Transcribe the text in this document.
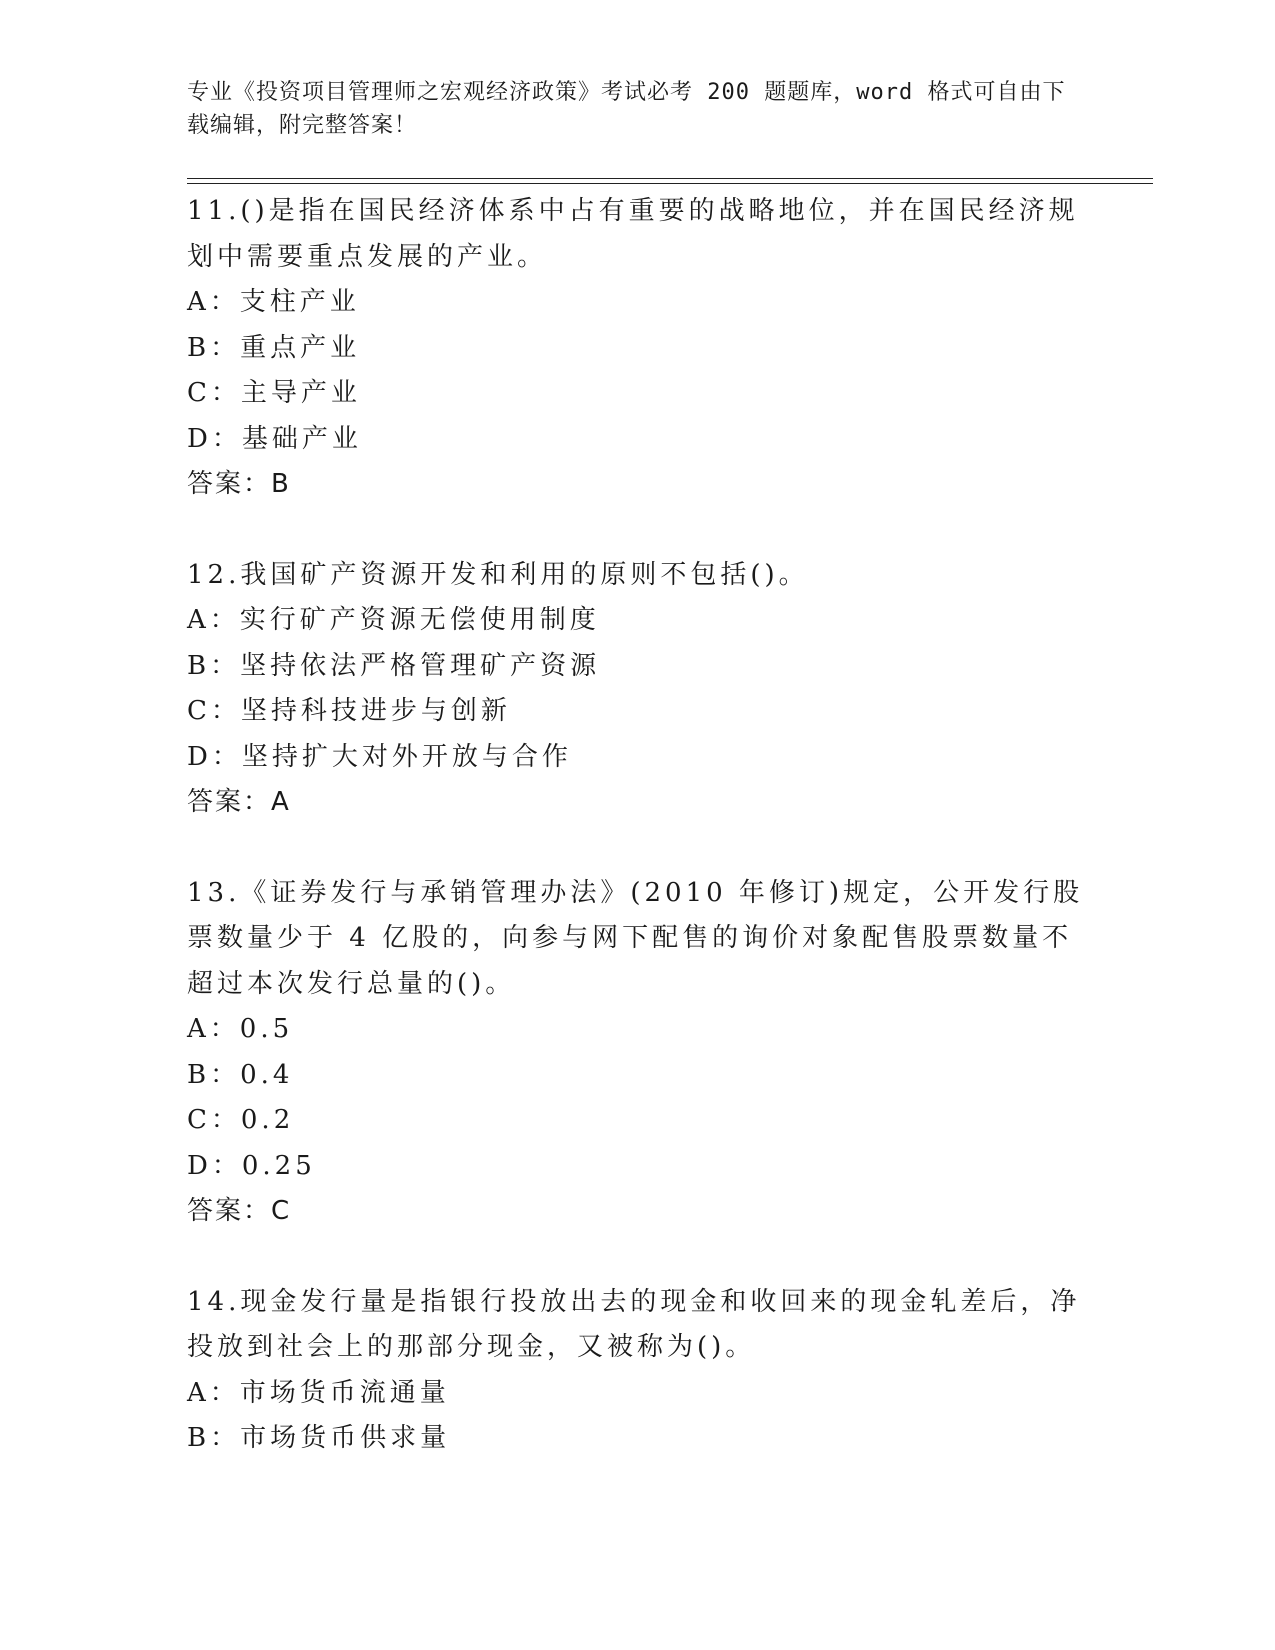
专业《投资项目管理师之宏观经济政策》考试必考 200 题题库，word 格式可自由下载编辑，附完整答案！

11.()是指在国民经济体系中占有重要的战略地位，并在国民经济规划中需要重点发展的产业。

A：支柱产业

B：重点产业

C：主导产业

D：基础产业

答案：B

12.我国矿产资源开发和利用的原则不包括()。

A：实行矿产资源无偿使用制度

B：坚持依法严格管理矿产资源

C：坚持科技进步与创新

D：坚持扩大对外开放与合作

答案：A

13.《证券发行与承销管理办法》(2010 年修订)规定，公开发行股票数量少于 4 亿股的，向参与网下配售的询价对象配售股票数量不超过本次发行总量的()。

A：0.5

B：0.4

C：0.2

D：0.25

答案：C

14.现金发行量是指银行投放出去的现金和收回来的现金轧差后，净投放到社会上的那部分现金，又被称为()。

A：市场货币流通量

B：市场货币供求量
